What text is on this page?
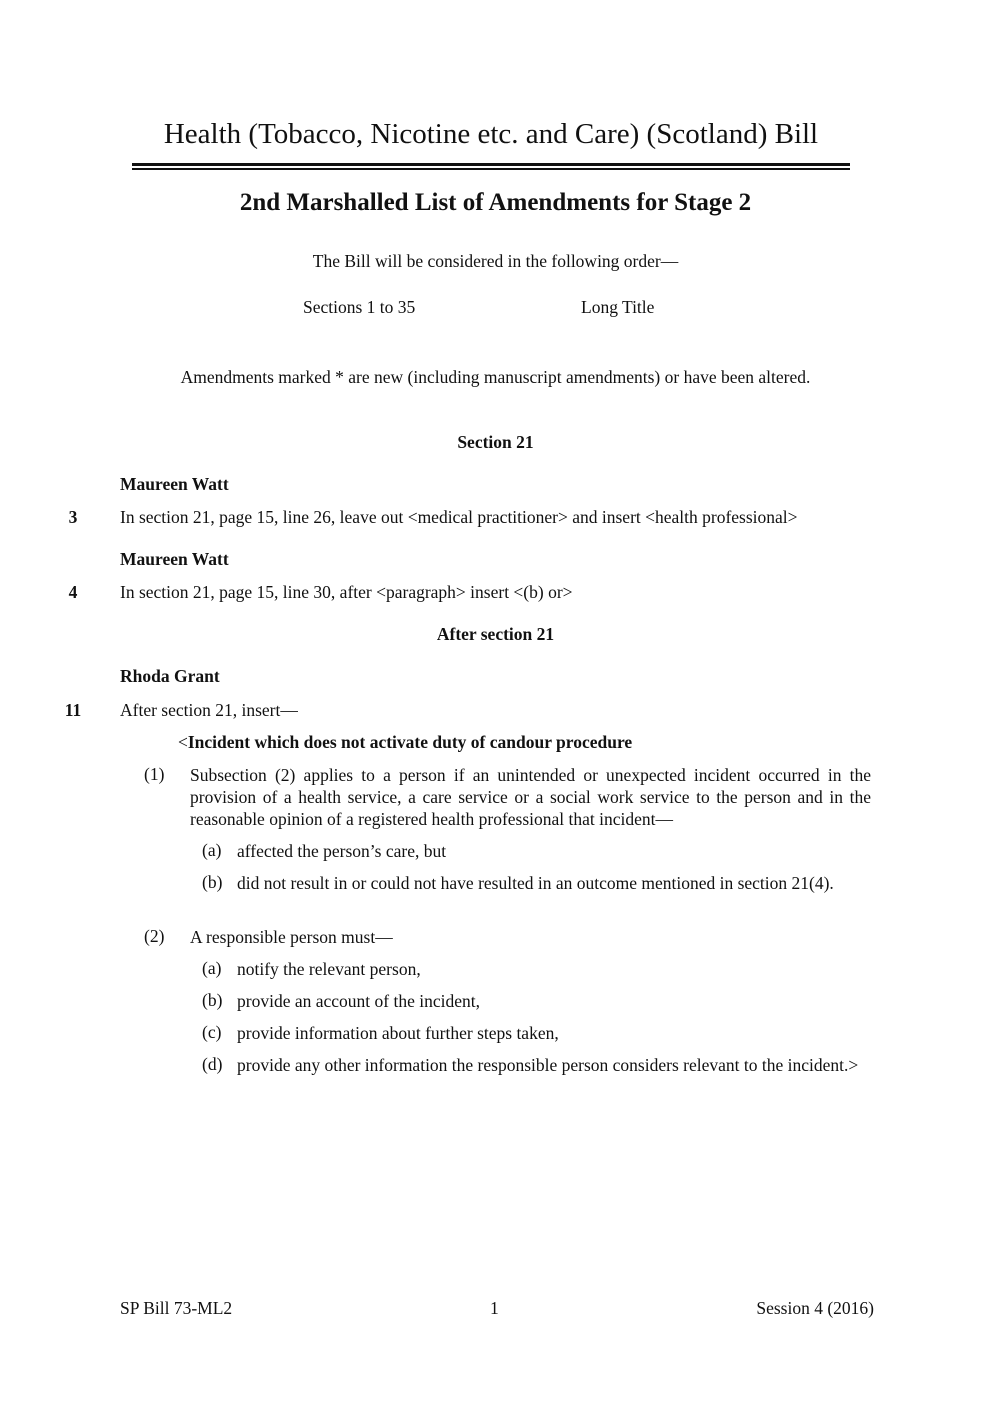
Health (Tobacco, Nicotine etc. and Care) (Scotland) Bill
2nd Marshalled List of Amendments for Stage 2
The Bill will be considered in the following order—
Sections 1 to 35	Long Title
Amendments marked * are new (including manuscript amendments) or have been altered.
Section 21
Maureen Watt
3	In section 21, page 15, line 26, leave out <medical practitioner> and insert <health professional>
Maureen Watt
4	In section 21, page 15, line 30, after <paragraph> insert <(b) or>
After section 21
Rhoda Grant
11	After section 21, insert—
<Incident which does not activate duty of candour procedure
(1) Subsection (2) applies to a person if an unintended or unexpected incident occurred in the provision of a health service, a care service or a social work service to the person and in the reasonable opinion of a registered health professional that incident—
(a) affected the person’s care, but
(b) did not result in or could not have resulted in an outcome mentioned in section 21(4).
(2) A responsible person must—
(a) notify the relevant person,
(b) provide an account of the incident,
(c) provide information about further steps taken,
(d) provide any other information the responsible person considers relevant to the incident.>
SP Bill 73-ML2	1	Session 4 (2016)
